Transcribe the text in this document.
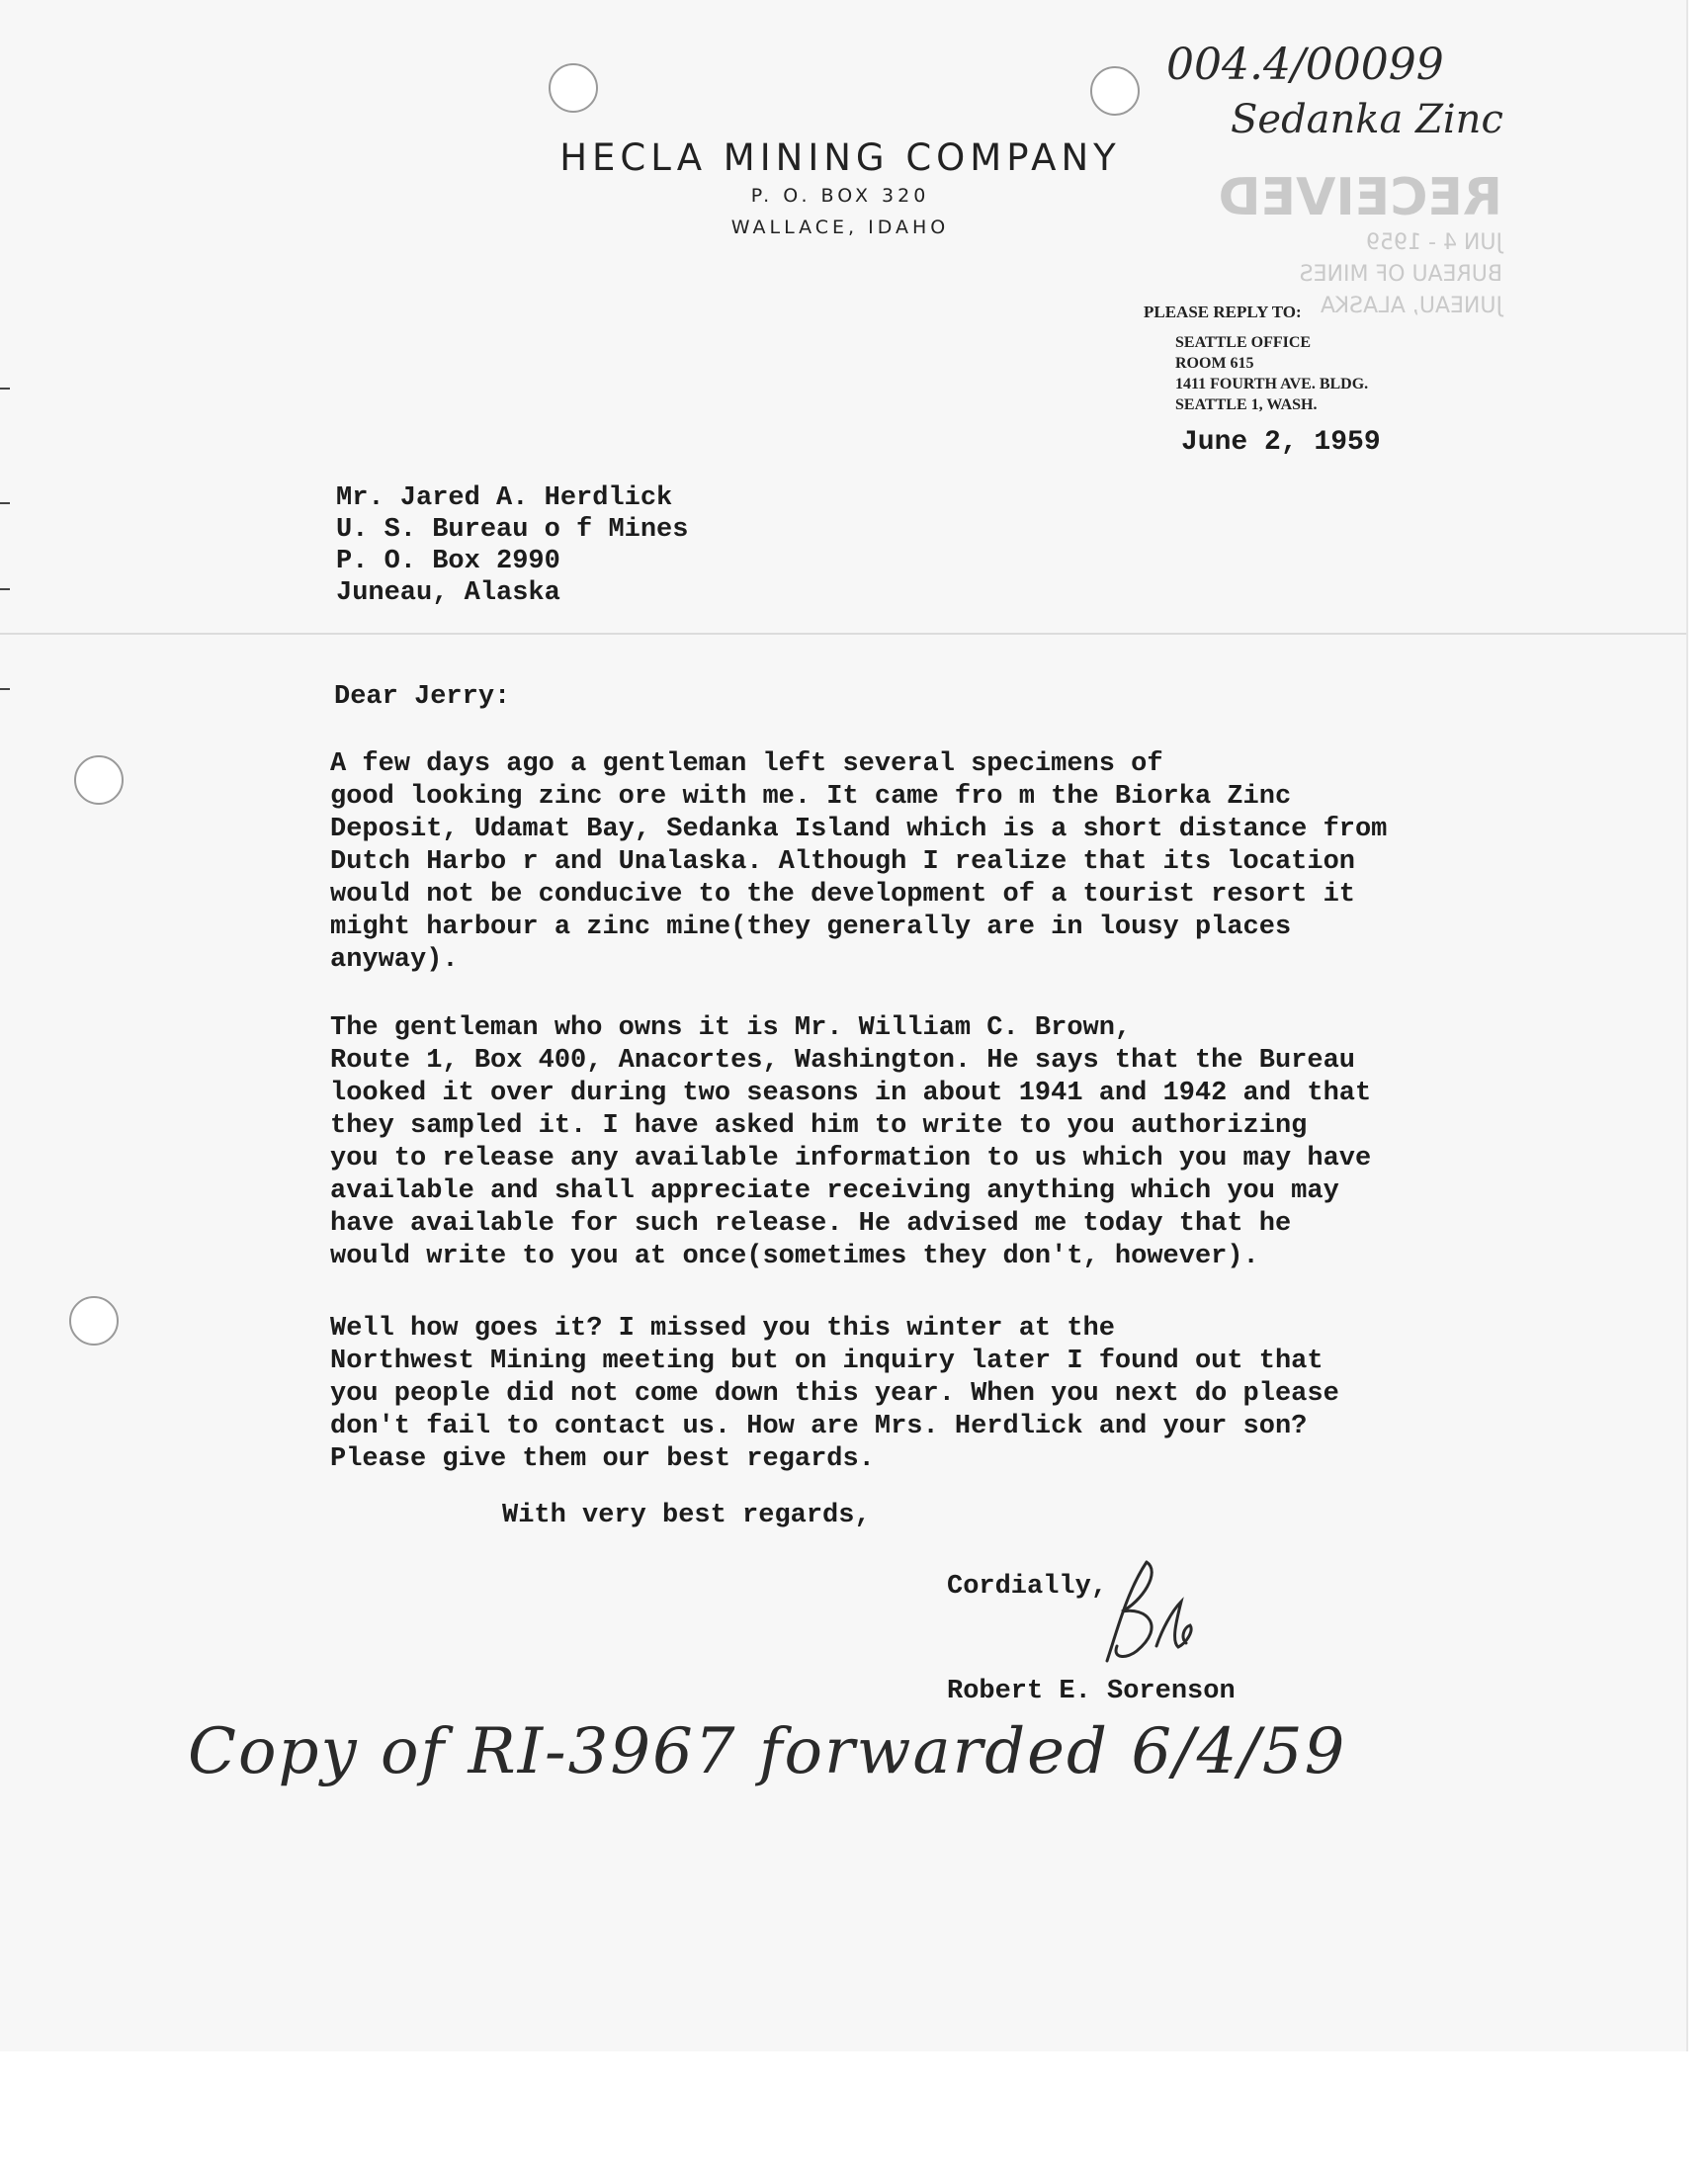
RECEIVED
JUN 4 - 1959
BUREAU OF MINES
JUNEAU, ALASKA
004.4/00099
Sedanka Zinc
HECLA MINING COMPANY
P. O. BOX 320
WALLACE, IDAHO
PLEASE REPLY TO:
SEATTLE OFFICE
ROOM 615
1411 FOURTH AVE. BLDG.
SEATTLE 1, WASH.
June 2, 1959
Mr. Jared A. Herdlick
U. S. Bureau o f Mines
P. O. Box 2990
Juneau, Alaska
Dear Jerry:
A few days ago a gentleman left several specimens of
good looking zinc ore with me. It came fro m the Biorka Zinc
Deposit, Udamat Bay, Sedanka Island which is a short distance from
Dutch Harbo r and Unalaska. Although I realize that its location
would not be conducive to the development of a tourist resort it
might harbour a zinc mine(they generally are in lousy places
anyway).
The gentleman who owns it is Mr. William C. Brown,
Route 1, Box 400, Anacortes, Washington. He says that the Bureau
looked it over during two seasons in about 1941 and 1942 and that
they sampled it. I have asked him to write to you authorizing
you to release any available information to us which you may have
available and shall appreciate receiving anything which you may
have available for such release. He advised me today that he
would write to you at once(sometimes they don't, however).
Well how goes it? I missed you this winter at the
Northwest Mining meeting but on inquiry later I found out that
you people did not come down this year. When you next do please
don't fail to contact us. How are Mrs. Herdlick and your son?
Please give them our best regards.
With very best regards,
Cordially,
Robert E. Sorenson
Copy of RI-3967 forwarded 6/4/59
